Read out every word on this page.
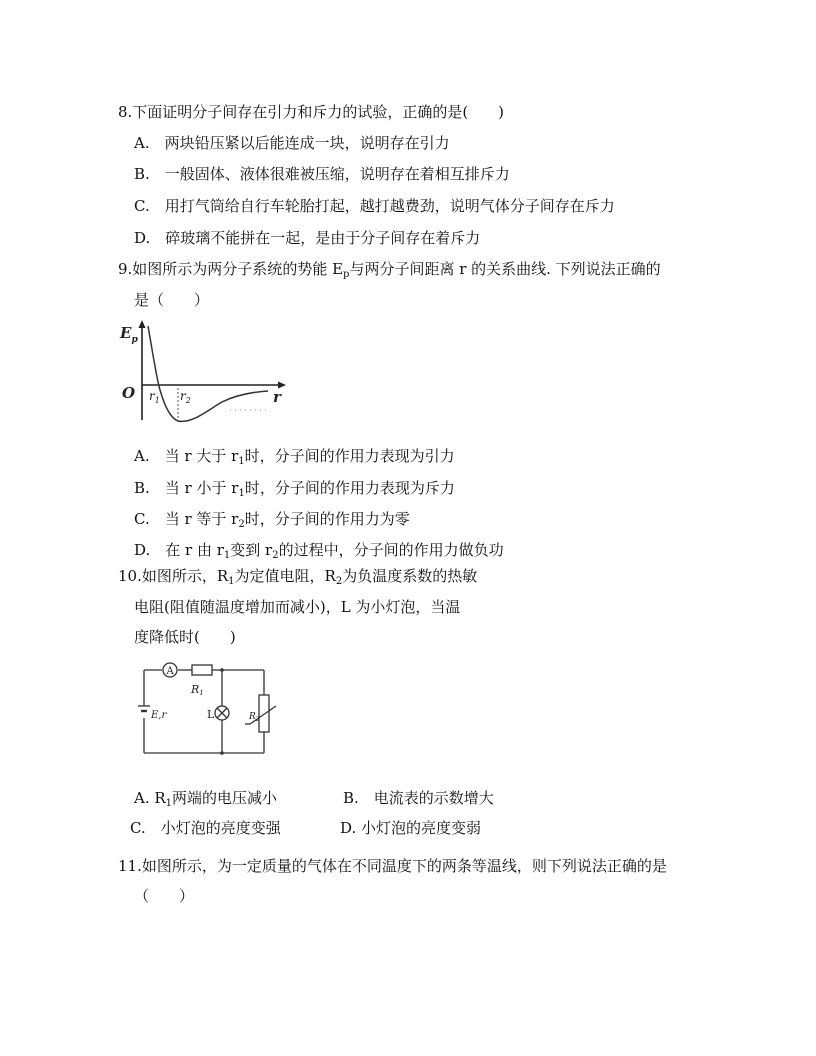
8.下面证明分子间存在引力和斥力的试验，正确的是(　　)
A.　两块铅压紧以后能连成一块，说明存在引力
B.　一般固体、液体很难被压缩，说明存在着相互排斥力
C.　用打气筒给自行车轮胎打起，越打越费劲，说明气体分子间存在斥力
D.　碎玻璃不能拼在一起，是由于分子间存在着斥力
9.如图所示为两分子系统的势能 $E_p$与两分子间距离 r 的关系曲线. 下列说法正确的
是（　　）
$E_p$
O	r
$r_1$ $r_2$
A.　当 r 大于 $r_1$时，分子间的作用力表现为引力
B.　当 r 小于 $r_1$时，分子间的作用力表现为斥力
C.　当 r 等于 $r_2$时，分子间的作用力为零
D.　在 r 由 $r_1$变到 $r_2$的过程中，分子间的作用力做负功
10.如图所示，$R_1$为定值电阻，$R_2$为负温度系数的热敏
电阻(阻值随温度增加而减小)，L 为小灯泡，当温
度降低时(　　)
A
R1
L
E,r	$R_2$
A. $R_1$两端的电压减小	B.　电流表的示数增大
C.　小灯泡的亮度变强	D. 小灯泡的亮度变弱
11.如图所示，为一定质量的气体在不同温度下的两条等温线，则下列说法正确的是
（　　）
